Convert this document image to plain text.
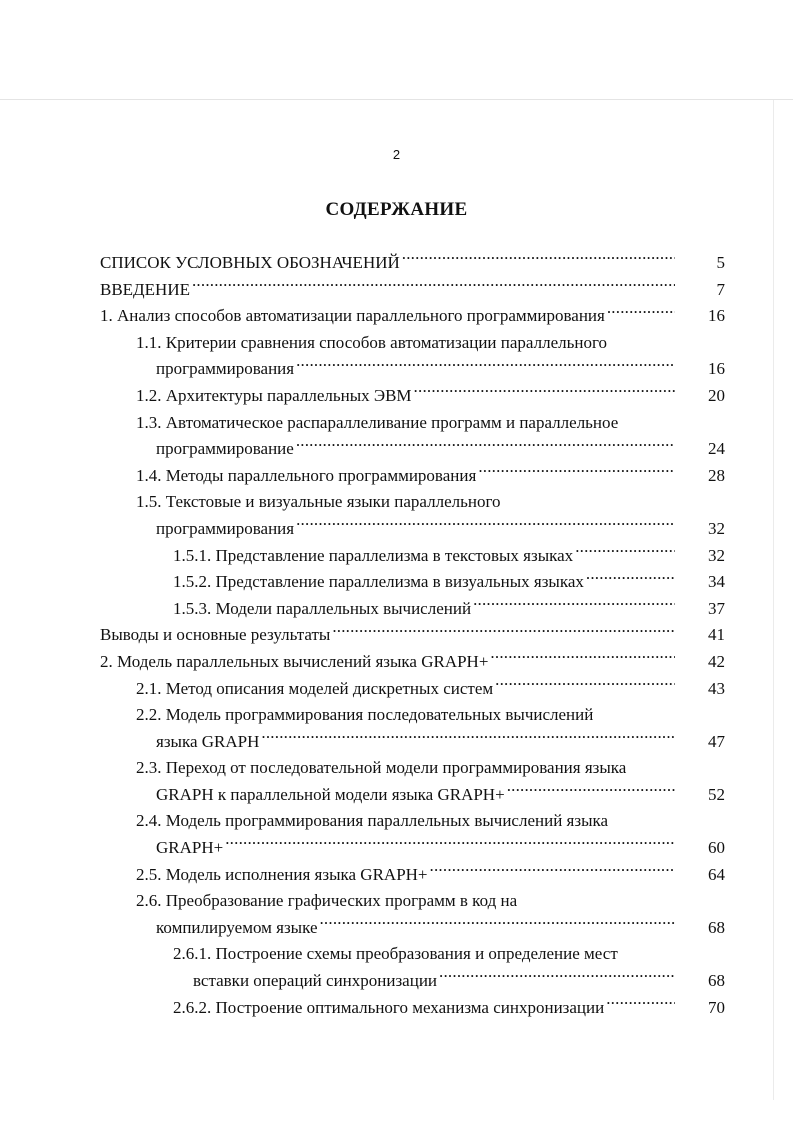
2
СОДЕРЖАНИЕ
СПИСОК УСЛОВНЫХ ОБОЗНАЧЕНИЙ .....	5
ВВЕДЕНИЕ .....	7
1. Анализ способов автоматизации параллельного программирования .....	16
1.1. Критерии сравнения способов автоматизации параллельного
программирования .....	16
1.2. Архитектуры параллельных ЭВМ .....	20
1.3. Автоматическое распараллеливание программ и параллельное
программирование .....	24
1.4. Методы параллельного программирования .....	28
1.5. Текстовые и визуальные языки параллельного
программирования .....	32
1.5.1. Представление параллелизма в текстовых языках .....	32
1.5.2. Представление параллелизма в визуальных языках .....	34
1.5.3. Модели параллельных вычислений .....	37
Выводы и основные результаты .....	41
2. Модель параллельных вычислений языка GRAPH+ .....	42
2.1. Метод описания моделей дискретных систем .....	43
2.2. Модель программирования последовательных вычислений
языка GRAPH .....	47
2.3. Переход от последовательной модели программирования языка
GRAPH к параллельной модели языка GRAPH+ .....	52
2.4. Модель программирования параллельных вычислений языка
GRAPH+ .....	60
2.5. Модель исполнения языка GRAPH+ .....	64
2.6. Преобразование графических программ в код на
компилируемом языке .....	68
2.6.1. Построение схемы преобразования и определение мест
вставки операций синхронизации .....	68
2.6.2. Построение оптимального механизма синхронизации .....	70
